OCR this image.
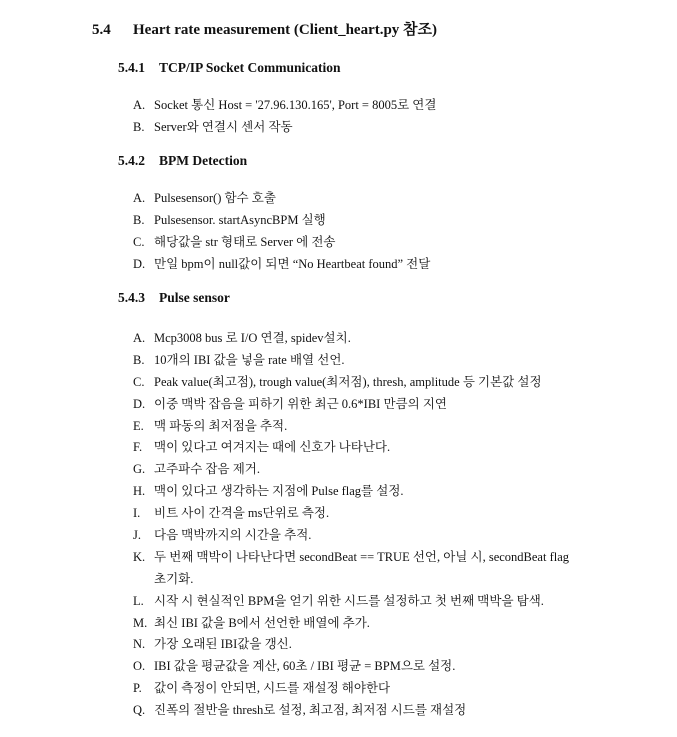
5.4 Heart rate measurement (Client_heart.py 참조)
5.4.1 TCP/IP Socket Communication
A. Socket 통신 Host = '27.96.130.165', Port = 8005로 연결
B. Server와 연결시 센서 작동
5.4.2 BPM Detection
A. Pulsesensor() 함수 호출
B. Pulsesensor. startAsyncBPM 실행
C. 해당값을 str 형태로 Server 에 전송
D. 만일 bpm이 null값이 되면 “No Heartbeat found” 전달
5.4.3 Pulse sensor
A. Mcp3008 bus 로 I/O 연결, spidev설치.
B. 10개의 IBI 값을 넣을 rate 배열 선언.
C. Peak value(최고점), trough value(최저점), thresh, amplitude 등 기본값 설정
D. 이중 맥박 잡음을 피하기 위한 최근 0.6*IBI 만큼의 지연
E. 맥 파동의 최저점을 추적.
F. 맥이 있다고 여겨지는 때에 신호가 나타난다.
G. 고주파수 잡음 제거.
H. 맥이 있다고 생각하는 지점에 Pulse flag를 설정.
I. 비트 사이 간격을 ms단위로 측정.
J. 다음 맥박까지의 시간을 추적.
K. 두 번째 맥박이 나타난다면 secondBeat == TRUE 선언, 아닐 시, secondBeat flag
초기화.
L. 시작 시 현실적인 BPM을 얻기 위한 시드를 설정하고 첫 번째 맥박을 탐색.
M. 최신 IBI 값을 B에서 선언한 배열에 추가.
N. 가장 오래된 IBI값을 갱신.
O. IBI 값을 평균값을 계산, 60초 / IBI 평균 = BPM으로 설정.
P. 값이 측정이 안되면, 시드를 재설정 해야한다
Q. 진폭의 절반을 thresh로 설정, 최고점, 최저점 시드를 재설정
